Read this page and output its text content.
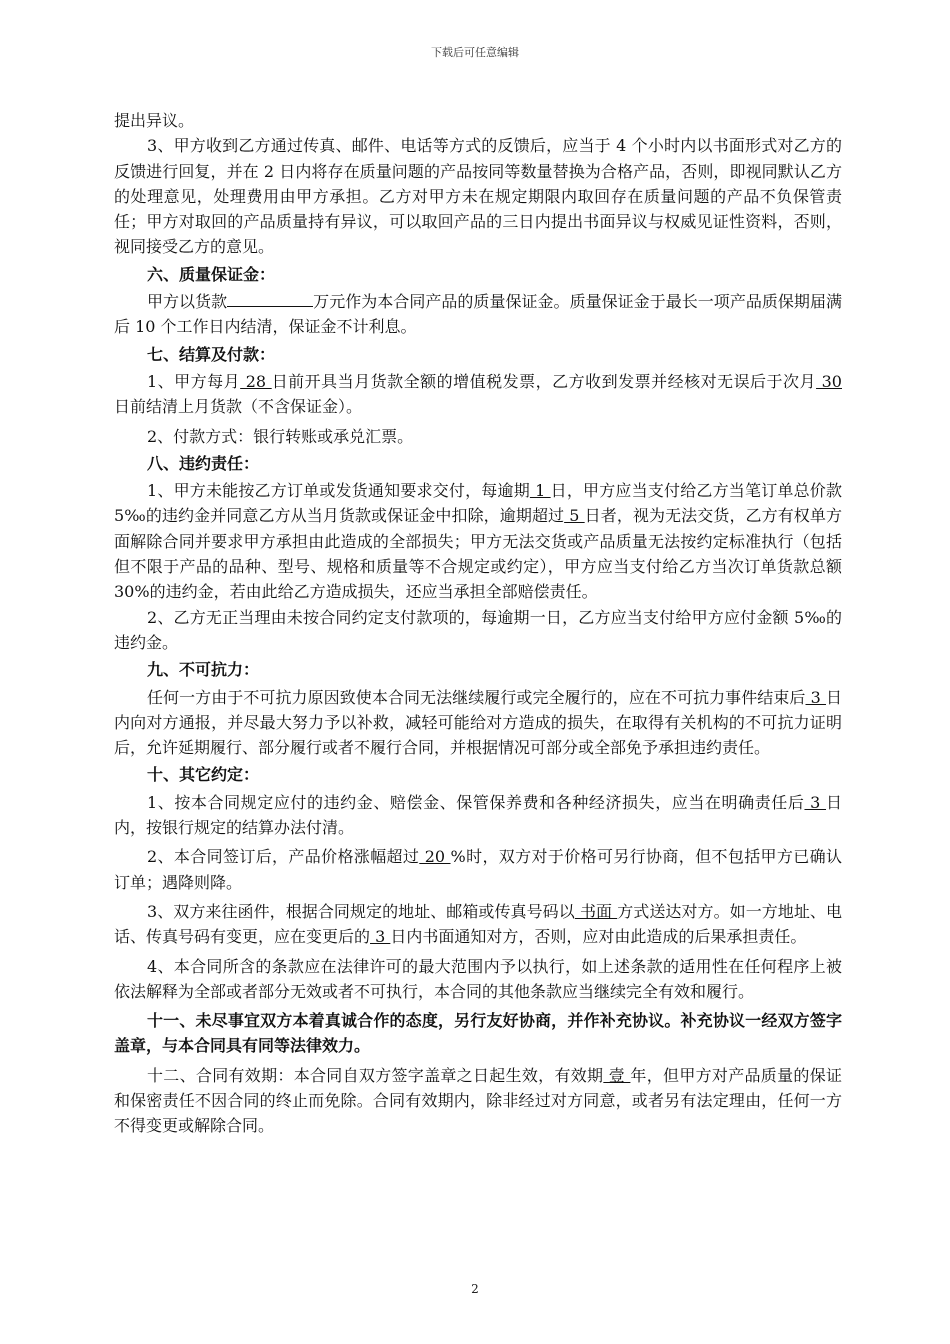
下载后可任意编辑

提出异议。

3、甲方收到乙方通过传真、邮件、电话等方式的反馈后，应当于 4 个小时内以书面形式对乙方的反馈进行回复，并在 2 日内将存在质量问题的产品按同等数量替换为合格产品，否则，即视同默认乙方的处理意见，处理费用由甲方承担。乙方对甲方未在规定期限内取回存在质量问题的产品不负保管责任；甲方对取回的产品质量持有异议，可以取回产品的三日内提出书面异议与权威见证性资料，否则，视同接受乙方的意见。

六、质量保证金：

甲方以货款	万元作为本合同产品的质量保证金。质量保证金于最长一项产品质保期届满后 10 个工作日内结清，保证金不计利息。

七、结算及付款：

1、甲方每月 28 日前开具当月货款全额的增值税发票，乙方收到发票并经核对无误后于次月 30 日前结清上月货款（不含保证金）。

2、付款方式：银行转账或承兑汇票。

八、违约责任：

1、甲方未能按乙方订单或发货通知要求交付，每逾期 1 日，甲方应当支付给乙方当笔订单总价款 5‰的违约金并同意乙方从当月货款或保证金中扣除，逾期超过 5 日者，视为无法交货，乙方有权单方面解除合同并要求甲方承担由此造成的全部损失；甲方无法交货或产品质量无法按约定标准执行（包括但不限于产品的品种、型号、规格和质量等不合规定或约定），甲方应当支付给乙方当次订单货款总额 30%的违约金，若由此给乙方造成损失，还应当承担全部赔偿责任。

2、乙方无正当理由未按合同约定支付款项的，每逾期一日，乙方应当支付给甲方应付金额 5‰的违约金。

九、不可抗力：

任何一方由于不可抗力原因致使本合同无法继续履行或完全履行的，应在不可抗力事件结束后 3 日内向对方通报，并尽最大努力予以补救，减轻可能给对方造成的损失，在取得有关机构的不可抗力证明后，允许延期履行、部分履行或者不履行合同，并根据情况可部分或全部免予承担违约责任。

十、其它约定：

1、按本合同规定应付的违约金、赔偿金、保管保养费和各种经济损失，应当在明确责任后 3 日内，按银行规定的结算办法付清。

2、本合同签订后，产品价格涨幅超过 20 %时，双方对于价格可另行协商，但不包括甲方已确认订单；遇降则降。

3、双方来往函件，根据合同规定的地址、邮箱或传真号码以 书面 方式送达对方。如一方地址、电话、传真号码有变更，应在变更后的 3 日内书面通知对方，否则，应对由此造成的后果承担责任。

4、本合同所含的条款应在法律许可的最大范围内予以执行，如上述条款的适用性在任何程序上被依法解释为全部或者部分无效或者不可执行，本合同的其他条款应当继续完全有效和履行。

十一、未尽事宜双方本着真诚合作的态度，另行友好协商，并作补充协议。补充协议一经双方签字盖章，与本合同具有同等法律效力。

十二、合同有效期：本合同自双方签字盖章之日起生效，有效期 壹 年，但甲方对产品质量的保证和保密责任不因合同的终止而免除。合同有效期内，除非经过对方同意，或者另有法定理由，任何一方不得变更或解除合同。

2
